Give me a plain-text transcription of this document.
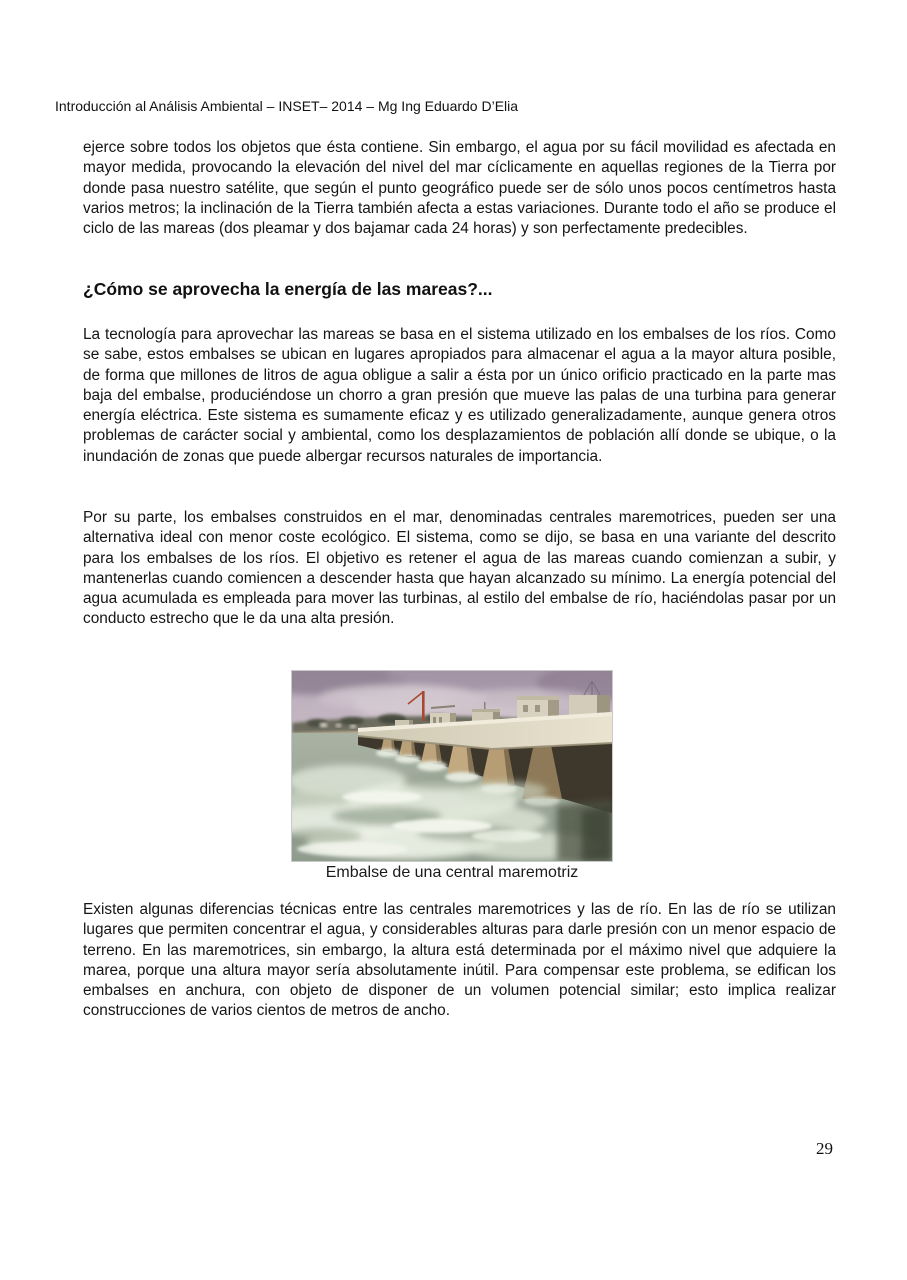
Introducción al Análisis Ambiental – INSET– 2014 – Mg Ing Eduardo D’Elia

ejerce sobre todos los objetos que ésta contiene. Sin embargo, el agua por su fácil movilidad es afectada en mayor medida, provocando la elevación del nivel del mar cíclicamente en aquellas regiones de la Tierra por donde pasa nuestro satélite, que según el punto geográfico puede ser de sólo unos pocos centímetros hasta varios metros; la inclinación de la Tierra también afecta a estas variaciones. Durante todo el año se produce el ciclo de las mareas (dos pleamar y dos bajamar cada 24 horas) y son perfectamente predecibles.

¿Cómo se aprovecha la energía de las mareas?...

La tecnología para aprovechar las mareas se basa en el sistema utilizado en los embalses de los ríos. Como se sabe, estos embalses se ubican en lugares apropiados para almacenar el agua a la mayor altura posible, de forma que millones de litros de agua obligue a salir a ésta por un único orificio practicado en la parte mas baja del embalse, produciéndose un chorro a gran presión que mueve las palas de una turbina para generar energía eléctrica. Este sistema es sumamente eficaz y es utilizado generalizadamente, aunque genera otros problemas de carácter social y ambiental, como los desplazamientos de población allí donde se ubique, o la inundación de zonas que puede albergar recursos naturales de importancia.

Por su parte, los embalses construidos en el mar, denominadas centrales maremotrices, pueden ser una alternativa ideal con menor coste ecológico. El sistema, como se dijo, se basa en una variante del descrito para los embalses de los ríos. El objetivo es retener el agua de las mareas cuando comienzan a subir, y mantenerlas cuando comiencen a descender hasta que hayan alcanzado su mínimo. La energía potencial del agua acumulada es empleada para mover las turbinas, al estilo del embalse de río, haciéndolas pasar por un conducto estrecho que le da una alta presión.

Embalse de una central maremotriz

Existen algunas diferencias técnicas entre las centrales maremotrices y las de río. En las de río se utilizan lugares que permiten concentrar el agua, y considerables alturas para darle presión con un menor espacio de terreno. En las maremotrices, sin embargo, la altura está determinada por el máximo nivel que adquiere la marea, porque una altura mayor sería absolutamente inútil. Para compensar este problema, se edifican los embalses en anchura, con objeto de disponer de un volumen potencial similar; esto implica realizar construcciones de varios cientos de metros de ancho.

29
